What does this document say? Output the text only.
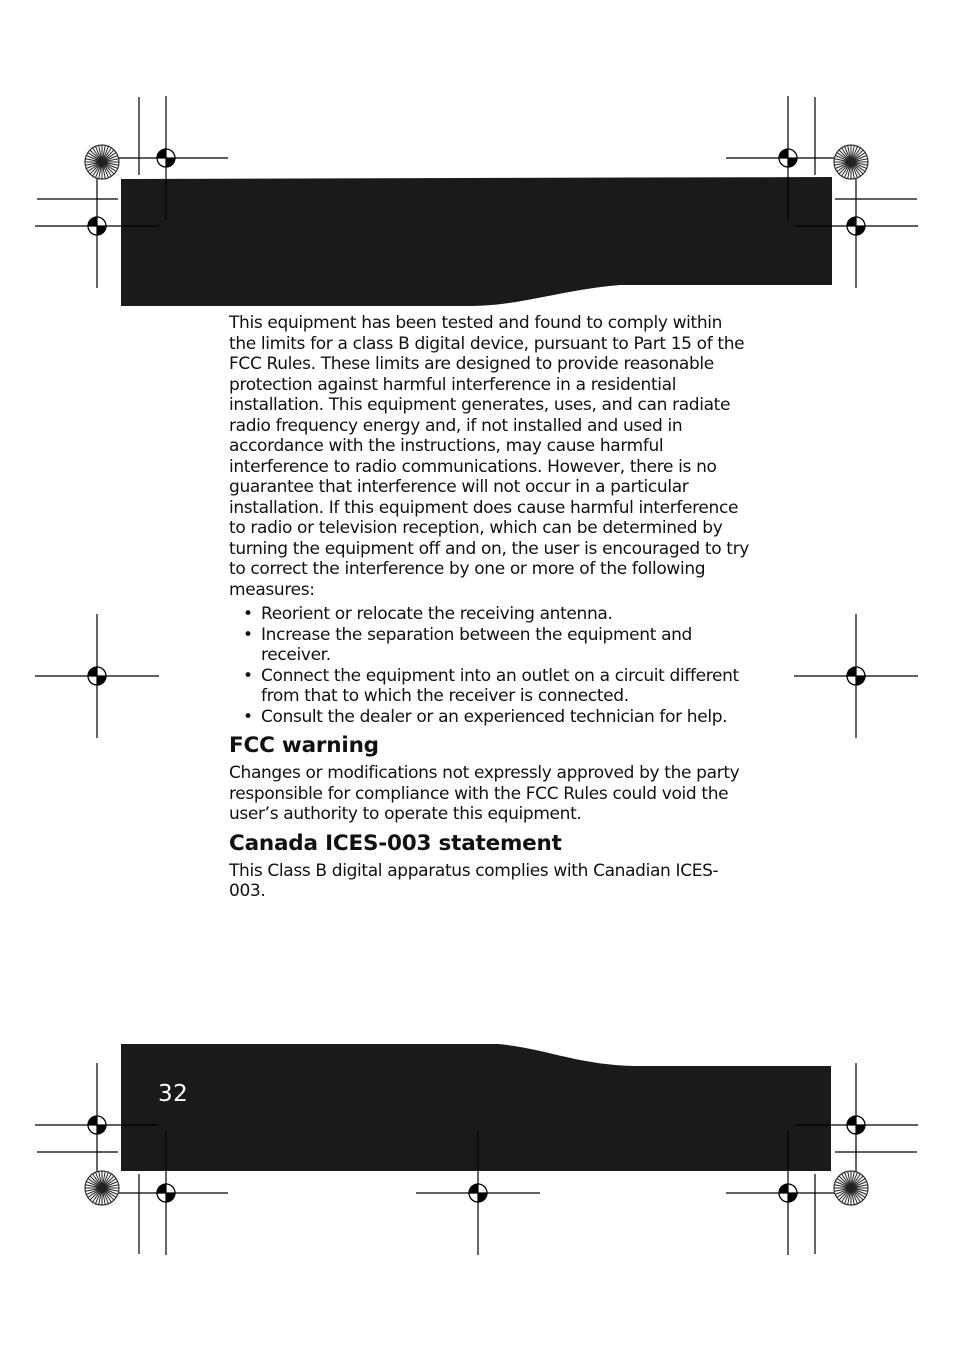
This equipment has been tested and found to comply within the limits for a class B digital device, pursuant to Part 15 of the FCC Rules. These limits are designed to provide reasonable protection against harmful interference in a residential installation. This equipment generates, uses, and can radiate radio frequency energy and, if not installed and used in accordance with the instructions, may cause harmful interference to radio communications. However, there is no guarantee that interference will not occur in a particular installation. If this equipment does cause harmful interference to radio or television reception, which can be determined by turning the equipment off and on, the user is encouraged to try to correct the interference by one or more of the following measures:

• Reorient or relocate the receiving antenna.
• Increase the separation between the equipment and receiver.
• Connect the equipment into an outlet on a circuit different from that to which the receiver is connected.
• Consult the dealer or an experienced technician for help.
FCC warning

Changes or modifications not expressly approved by the party responsible for compliance with the FCC Rules could void the user’s authority to operate this equipment.

Canada ICES-003 statement

This Class B digital apparatus complies with Canadian ICES-003.

32
